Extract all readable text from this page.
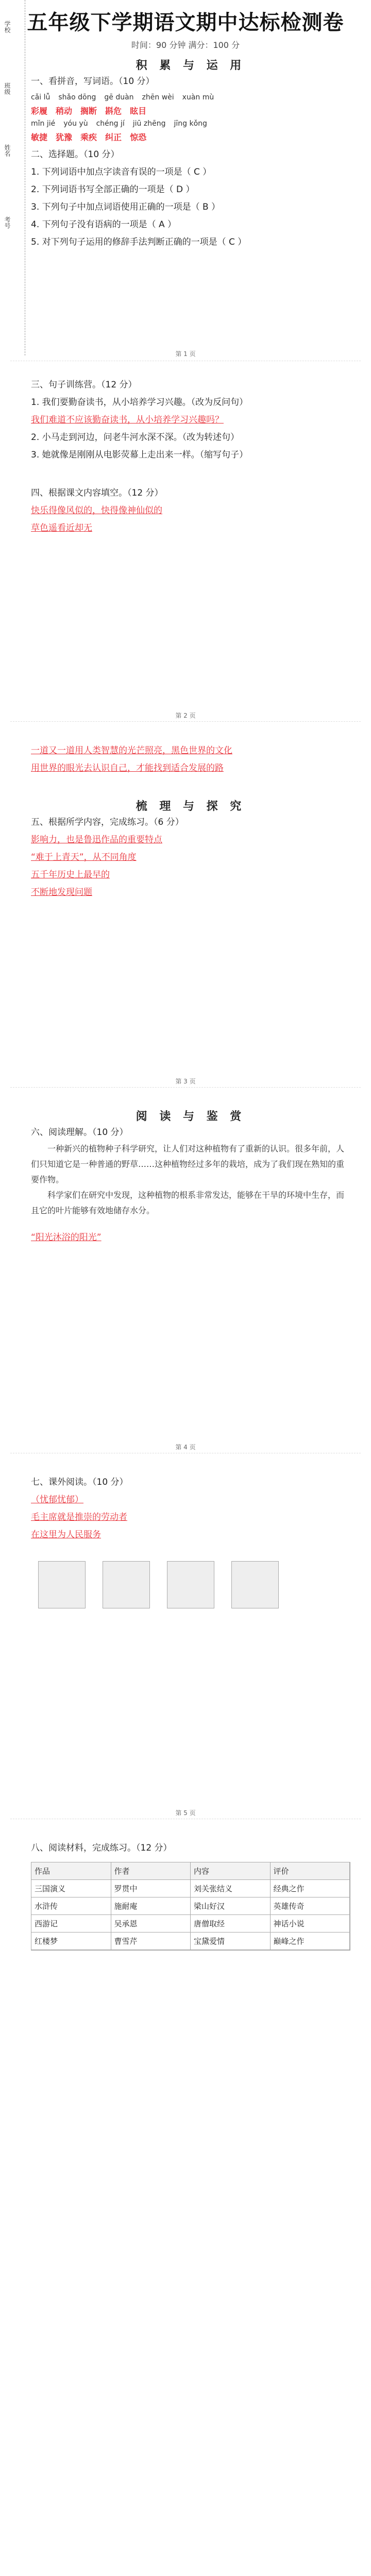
学校
班级
姓名
考号
五年级下学期语文期中达标检测卷
时间：90 分钟 满分：100 分
积 累 与 运 用
一、看拼音，写词语。（10 分）
cǎi lǚ shǎo dōng gē duàn zhēn wèi xuàn mù
彩履 稍动 搁断 斟危 眩目
mǐn jié yóu yù chéng jí jiū zhēng jīng kǒng
敏捷 犹豫 乘疾 纠正 惊恐
二、选择题。（10 分）
1. 下列词语中加点字读音有误的一项是（ C ）
2. 下列词语书写全部正确的一项是（ D ）
3. 下列句子中加点词语使用正确的一项是（ B ）
4. 下列句子没有语病的一项是（ A ）
5. 对下列句子运用的修辞手法判断正确的一项是（ C ）
第 1 页
三、句子训练营。（12 分）
1. 我们要勤奋读书，从小培养学习兴趣。（改为反问句）
我们难道不应该勤奋读书，从小培养学习兴趣吗？
2. 小马走到河边，问老牛河水深不深。（改为转述句）
3. 她就像是刚刚从电影荧幕上走出来一样。（缩写句子）
四、根据课文内容填空。（12 分）
快乐得像风似的，快得像神仙似的
草色遥看近却无
第 2 页
一道又一道用人类智慧的光芒照亮，黑色世界的文化
用世界的眼光去认识自己，才能找到适合发展的路
梳 理 与 探 究
五、根据所学内容，完成练习。（6 分）
影响力，也是鲁迅作品的重要特点
“难于上青天”，从不同角度
五千年历史上最早的
不断地发现问题
第 3 页
阅 读 与 鉴 赏
六、阅读理解。（10 分）
一种新兴的植物种子科学研究，让人们对这种植物有了重新的认识。很多年前，人们只知道它是一种普通的野草……这种植物经过多年的栽培，成为了我们现在熟知的重要作物。
科学家们在研究中发现，这种植物的根系非常发达，能够在干旱的环境中生存，而且它的叶片能够有效地储存水分。
“阳光沐浴的阳光”
第 4 页
七、课外阅读。（10 分）
（忧郁忧郁）
毛主席就是推崇的劳动者
在这里为人民服务

第 5 页
八、阅读材料，完成练习。（12 分）
作品	作者	内容	评价
三国演义	罗贯中	刘关张结义	经典之作
水浒传	施耐庵	梁山好汉	英雄传奇
西游记	吴承恩	唐僧取经	神话小说
红楼梦	曹雪芹	宝黛爱情	巅峰之作
